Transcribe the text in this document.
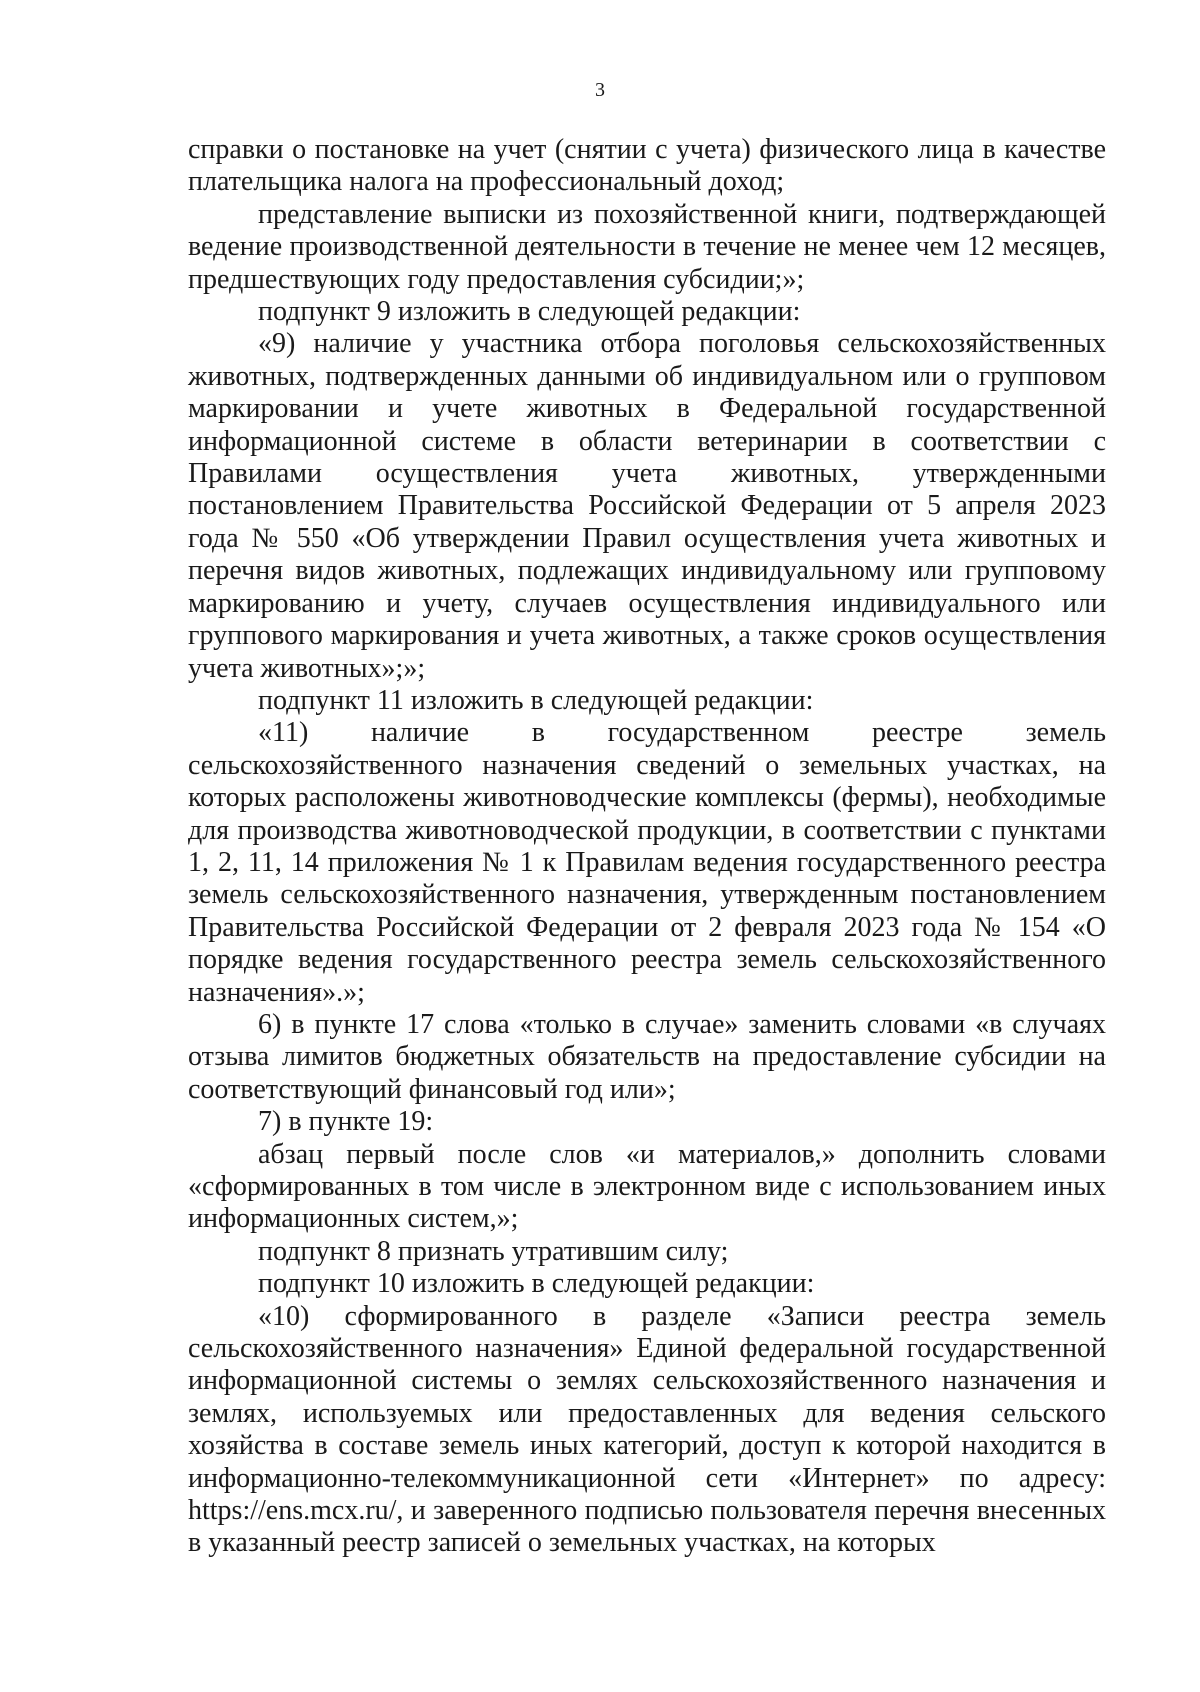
3

справки о постановке на учет (снятии с учета) физического лица в качестве плательщика налога на профессиональный доход;

представление выписки из похозяйственной книги, подтверждающей ведение производственной деятельности в течение не менее чем 12 месяцев, предшествующих году предоставления субсидии;»;

подпункт 9 изложить в следующей редакции:

«9) наличие у участника отбора поголовья сельскохозяйственных животных, подтвержденных данными об индивидуальном или о групповом маркировании и учете животных в Федеральной государственной информационной системе в области ветеринарии в соответствии с Правилами осуществления учета животных, утвержденными постановлением Правительства Российской Федерации от 5 апреля 2023 года № 550 «Об утверждении Правил осуществления учета животных и перечня видов животных, подлежащих индивидуальному или групповому маркированию и учету, случаев осуществления индивидуального или группового маркирования и учета животных, а также сроков осуществления учета животных»;»;

подпункт 11 изложить в следующей редакции:

«11) наличие в государственном реестре земель сельскохозяйственного назначения сведений о земельных участках, на которых расположены животноводческие комплексы (фермы), необходимые для производства животноводческой продукции, в соответствии с пунктами 1, 2, 11, 14 приложения № 1 к Правилам ведения государственного реестра земель сельскохозяйственного назначения, утвержденным постановлением Правительства Российской Федерации от 2 февраля 2023 года № 154 «О порядке ведения государственного реестра земель сельскохозяйственного назначения».»;

6) в пункте 17 слова «только в случае» заменить словами «в случаях отзыва лимитов бюджетных обязательств на предоставление субсидии на соответствующий финансовый год или»;

7) в пункте 19:

абзац первый после слов «и материалов,» дополнить словами «сформированных в том числе в электронном виде с использованием иных информационных систем,»;

подпункт 8 признать утратившим силу;

подпункт 10 изложить в следующей редакции:

«10) сформированного в разделе «Записи реестра земель сельскохозяйственного назначения» Единой федеральной государственной информационной системы о землях сельскохозяйственного назначения и землях, используемых или предоставленных для ведения сельского хозяйства в составе земель иных категорий, доступ к которой находится в информационно-телекоммуникационной сети «Интернет» по адресу: https://ens.mcx.ru/, и заверенного подписью пользователя перечня внесенных в указанный реестр записей о земельных участках, на которых
